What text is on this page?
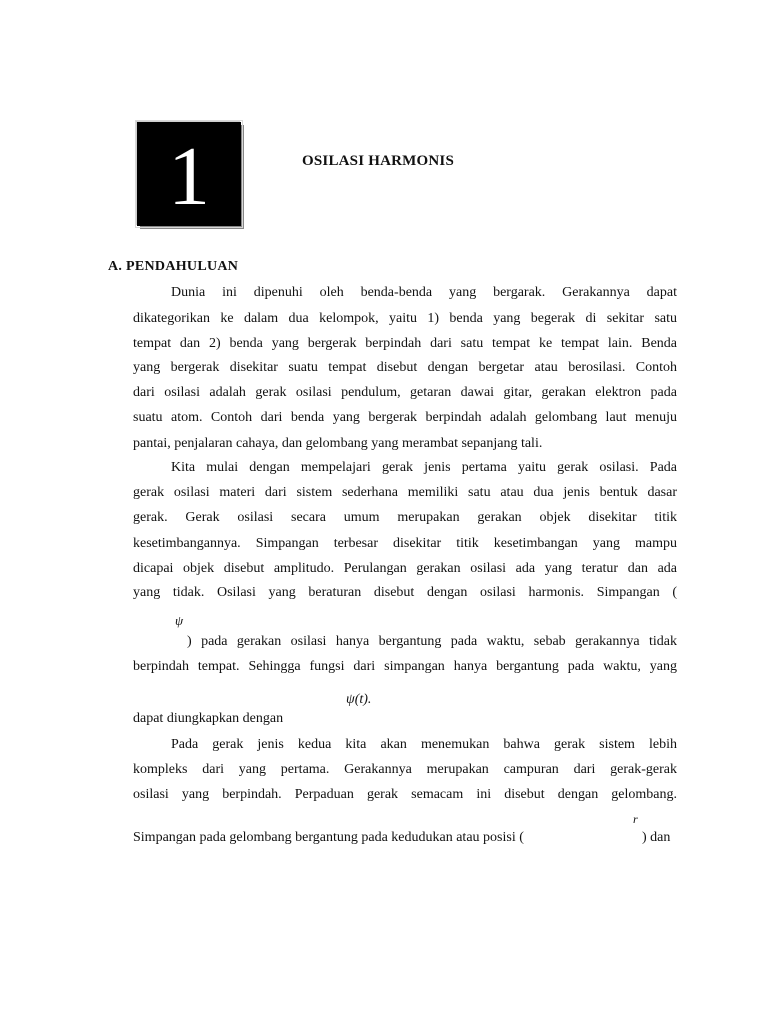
1	OSILASI HARMONIS
A. PENDAHULUAN
Dunia ini dipenuhi oleh benda-benda yang bergarak. Gerakannya dapat
dikategorikan ke dalam dua kelompok, yaitu 1) benda yang begerak di sekitar satu
tempat dan 2) benda yang bergerak berpindah dari satu tempat ke tempat lain. Benda
yang bergerak disekitar suatu tempat disebut dengan bergetar atau berosilasi. Contoh
dari osilasi adalah gerak osilasi pendulum, getaran dawai gitar, gerakan elektron pada
suatu atom. Contoh dari benda yang bergerak berpindah adalah gelombang laut menuju
pantai, penjalaran cahaya, dan gelombang yang merambat sepanjang tali.
Kita mulai dengan mempelajari gerak jenis pertama yaitu gerak osilasi. Pada
gerak osilasi materi dari sistem sederhana memiliki satu atau dua jenis bentuk dasar
gerak. Gerak osilasi secara umum merupakan gerakan objek disekitar titik
kesetimbangannya. Simpangan terbesar disekitar titik kesetimbangan yang mampu
dicapai objek disebut amplitudo. Perulangan gerakan osilasi ada yang teratur dan ada
yang tidak. Osilasi yang beraturan disebut dengan osilasi harmonis. Simpangan (
ψ
) pada gerakan osilasi hanya bergantung pada waktu, sebab gerakannya tidak
berpindah tempat. Sehingga fungsi dari simpangan hanya bergantung pada waktu, yang
ψ(t).
dapat diungkapkan dengan
Pada gerak jenis kedua kita akan menemukan bahwa gerak sistem lebih
kompleks dari yang pertama. Gerakannya merupakan campuran dari gerak-gerak
osilasi yang berpindah. Perpaduan gerak semacam ini disebut dengan gelombang.
r
Simpangan pada gelombang bergantung pada kedudukan atau posisi (	) dan
